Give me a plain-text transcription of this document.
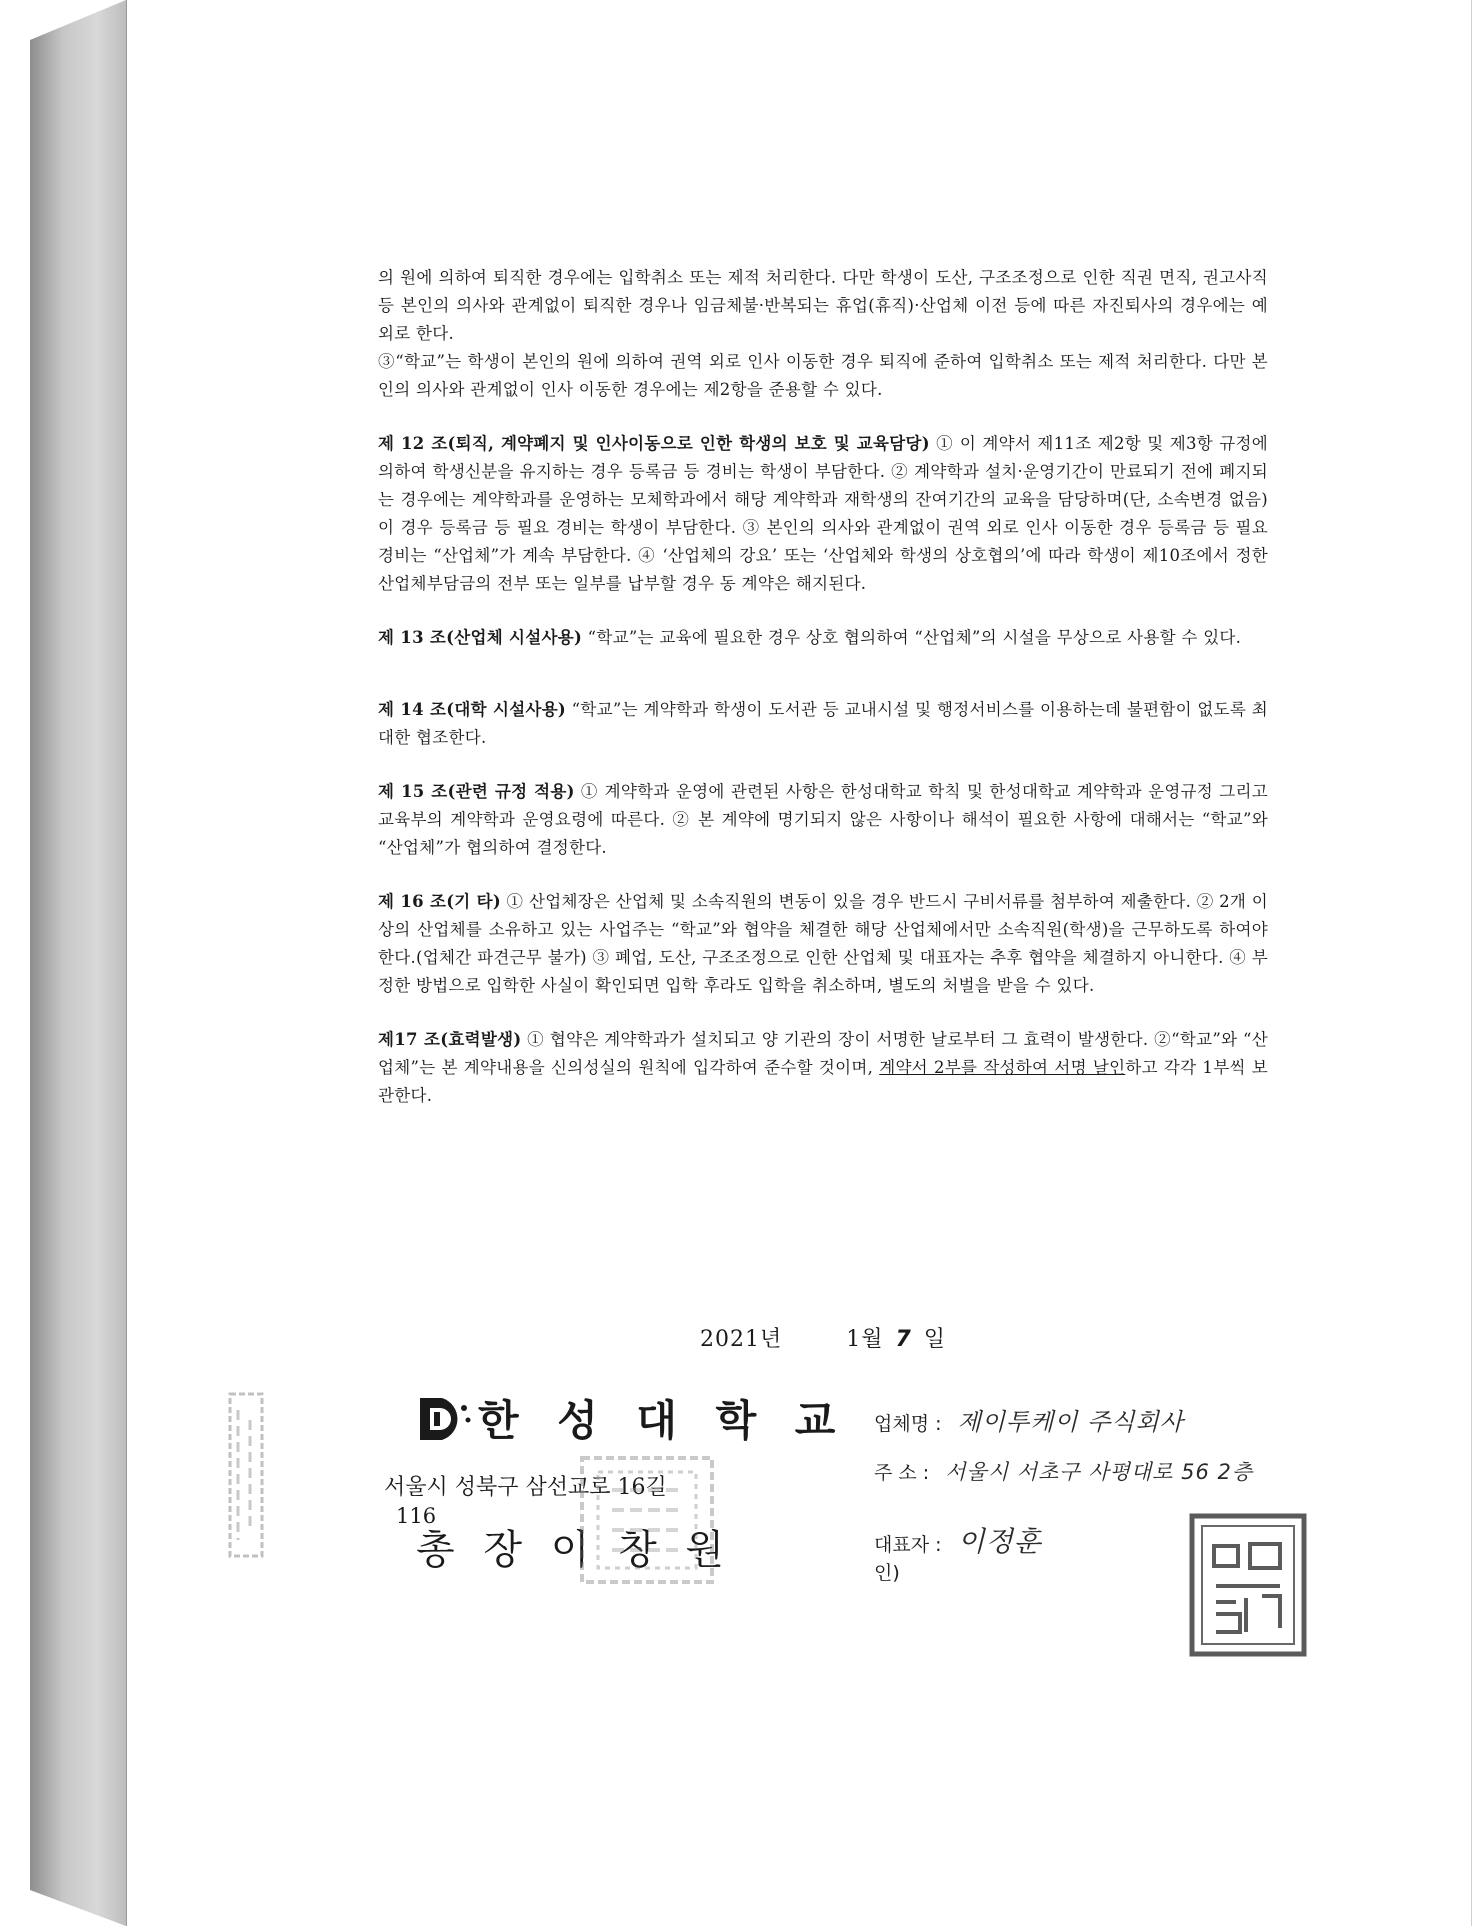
의 원에 의하여 퇴직한 경우에는 입학취소 또는 제적 처리한다. 다만 학생이 도산, 구조조정으로 인한 직권 면직, 권고사직 등 본인의 의사와 관계없이 퇴직한 경우나 임금체불·반복되는 휴업(휴직)·산업체 이전 등에 따른 자진퇴사의 경우에는 예외로 한다.

③“학교”는 학생이 본인의 원에 의하여 권역 외로 인사 이동한 경우 퇴직에 준하여 입학취소 또는 제적 처리한다. 다만 본인의 의사와 관계없이 인사 이동한 경우에는 제2항을 준용할 수 있다.

제 12 조(퇴직, 계약폐지 및 인사이동으로 인한 학생의 보호 및 교육담당) ① 이 계약서 제11조 제2항 및 제3항 규정에 의하여 학생신분을 유지하는 경우 등록금 등 경비는 학생이 부담한다. ② 계약학과 설치·운영기간이 만료되기 전에 폐지되는 경우에는 계약학과를 운영하는 모체학과에서 해당 계약학과 재학생의 잔여기간의 교육을 담당하며(단, 소속변경 없음) 이 경우 등록금 등 필요 경비는 학생이 부담한다. ③ 본인의 의사와 관계없이 권역 외로 인사 이동한 경우 등록금 등 필요경비는 “산업체”가 계속 부담한다. ④ ‘산업체의 강요’ 또는 ‘산업체와 학생의 상호협의’에 따라 학생이 제10조에서 정한 산업체부담금의 전부 또는 일부를 납부할 경우 동 계약은 해지된다.

제 13 조(산업체 시설사용) “학교”는 교육에 필요한 경우 상호 협의하여 “산업체”의 시설을 무상으로 사용할 수 있다.

제 14 조(대학 시설사용) “학교”는 계약학과 학생이 도서관 등 교내시설 및 행정서비스를 이용하는데 불편함이 없도록 최대한 협조한다.

제 15 조(관련 규정 적용) ① 계약학과 운영에 관련된 사항은 한성대학교 학칙 및 한성대학교 계약학과 운영규정 그리고 교육부의 계약학과 운영요령에 따른다. ② 본 계약에 명기되지 않은 사항이나 해석이 필요한 사항에 대해서는 “학교”와 “산업체”가 협의하여 결정한다.

제 16 조(기 타) ① 산업체장은 산업체 및 소속직원의 변동이 있을 경우 반드시 구비서류를 첨부하여 제출한다. ② 2개 이상의 산업체를 소유하고 있는 사업주는 “학교”와 협약을 체결한 해당 산업체에서만 소속직원(학생)을 근무하도록 하여야 한다.(업체간 파견근무 불가) ③ 폐업, 도산, 구조조정으로 인한 산업체 및 대표자는 추후 협약을 체결하지 아니한다. ④ 부정한 방법으로 입학한 사실이 확인되면 입학 후라도 입학을 취소하며, 별도의 처벌을 받을 수 있다.

제17 조(효력발생) ① 협약은 계약학과가 설치되고 양 기관의 장이 서명한 날로부터 그 효력이 발생한다. ②“학교”와 “산업체”는 본 계약내용을 신의성실의 원칙에 입각하여 준수할 것이며, 계약서 2부를 작성하여 서명 날인하고 각각 1부씩 보관한다.

2021년	1월 7 일
한 성 대 학 교
서울시 성북구 삼선교로 16길
116
총 장 이 창 원
업체명 : 제이투케이 주식회사
주 소 : 서울시 서초구 사평대로 56 2층
대표자 : 이정훈
인)
